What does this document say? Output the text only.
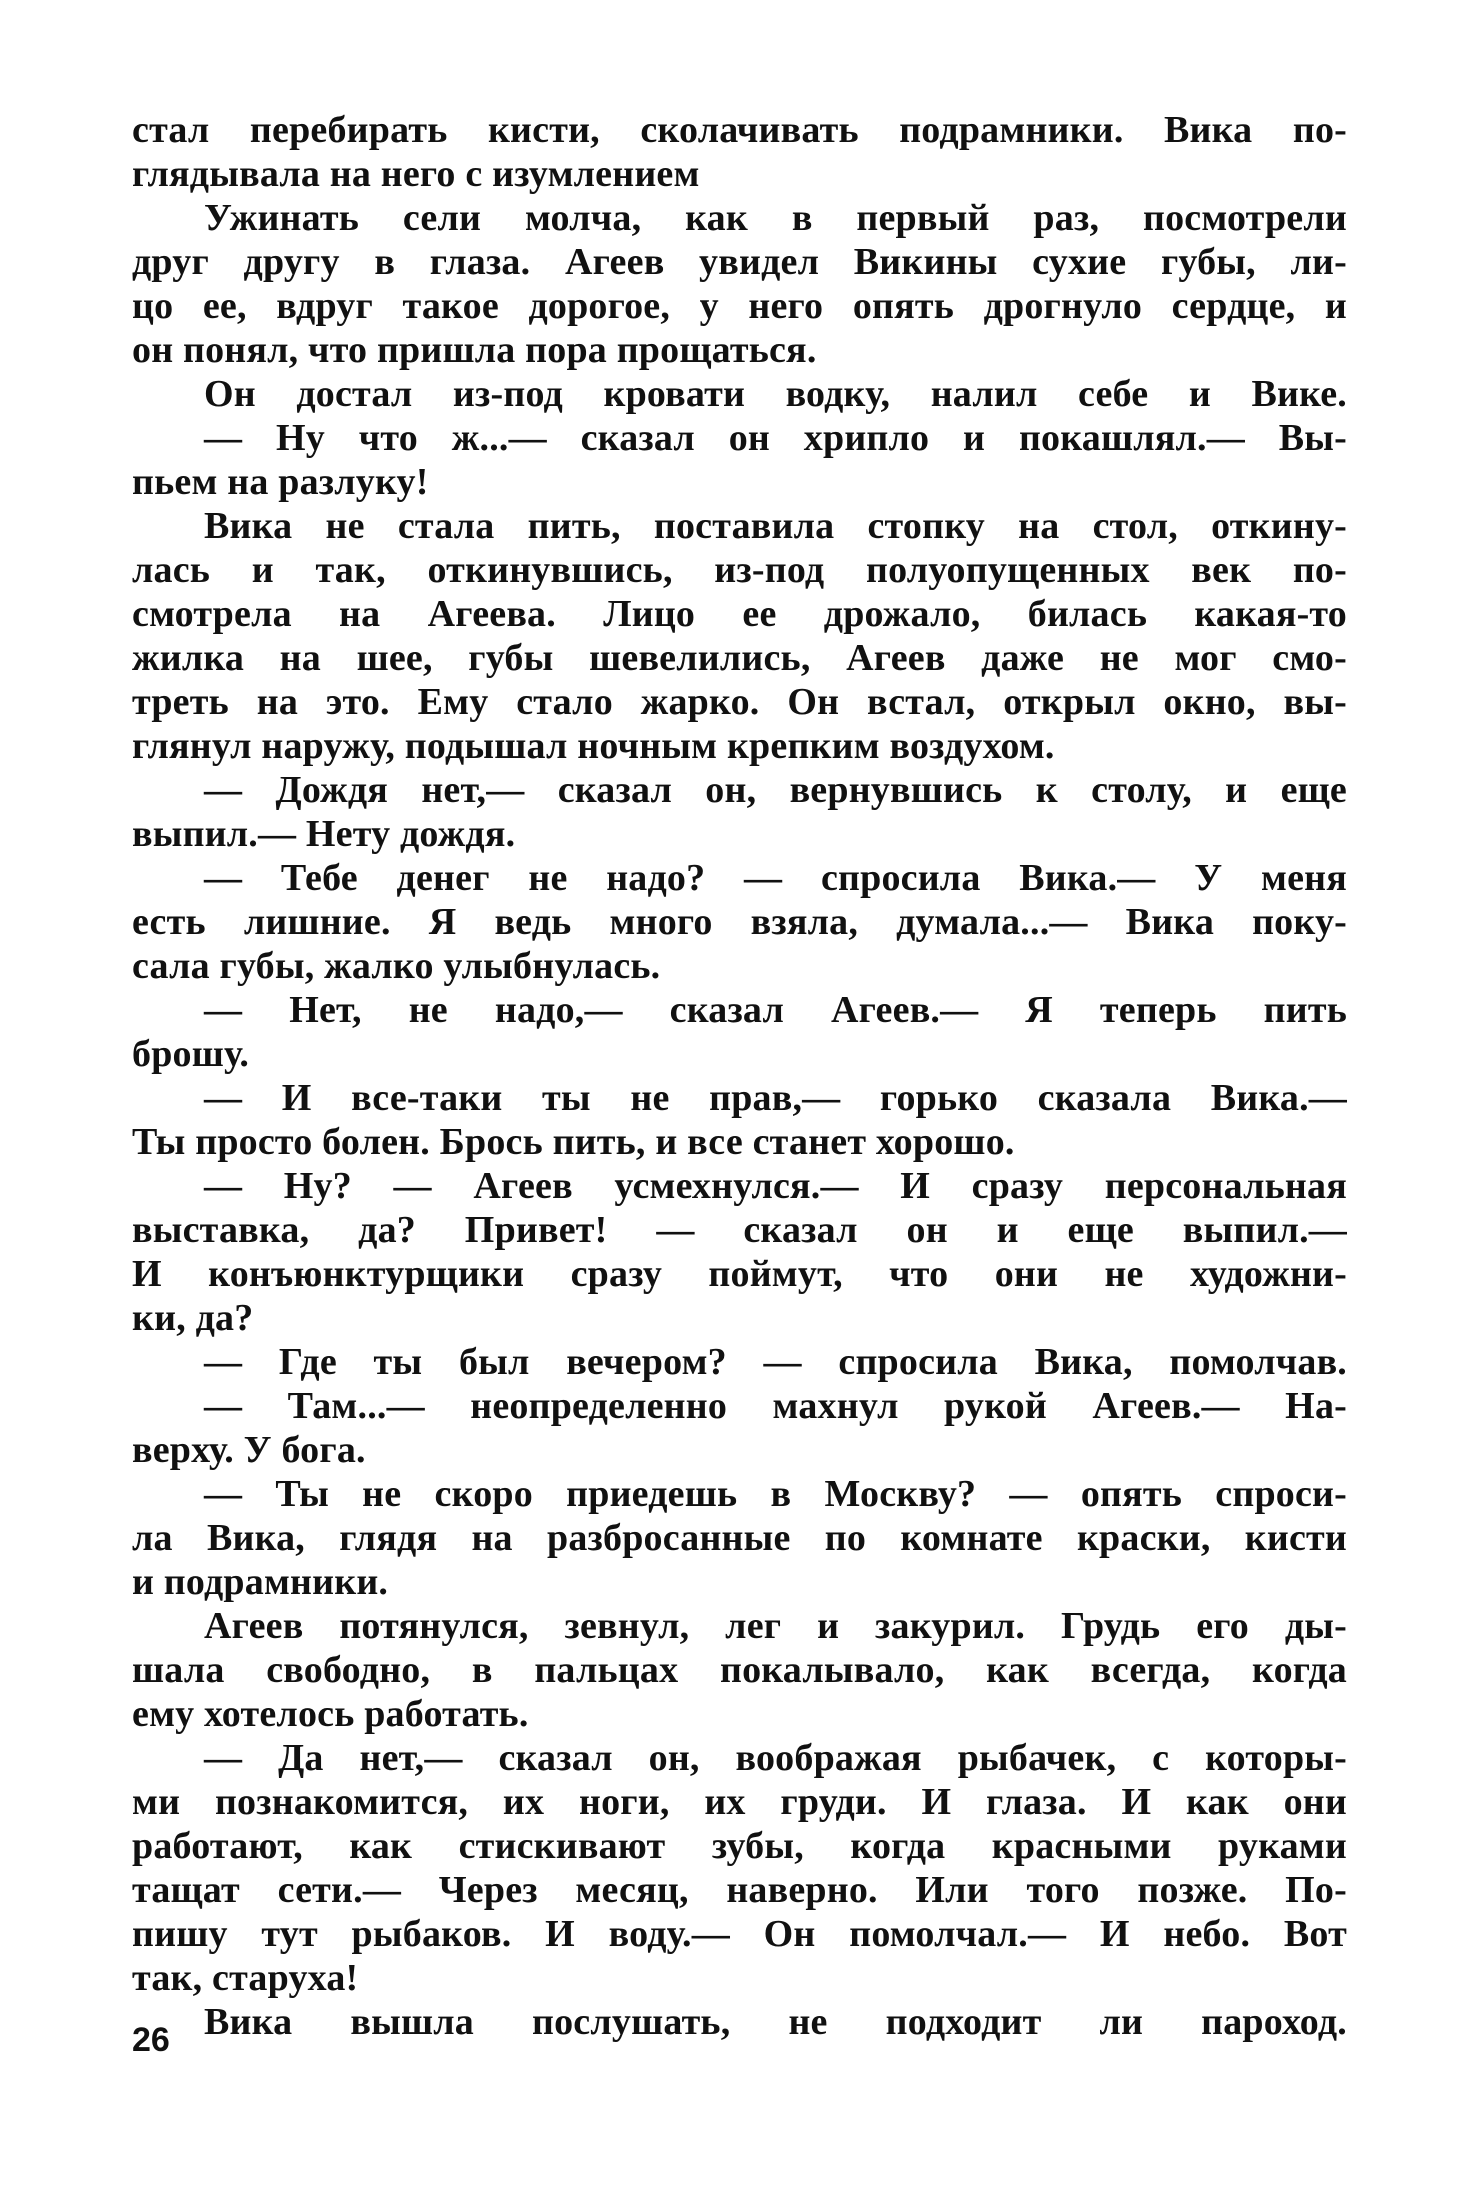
стал перебирать кисти, сколачивать подрамники. Вика по-
глядывала на него с изумлением
Ужинать сели молча, как в первый раз, посмотрели
друг другу в глаза. Агеев увидел Викины сухие губы, ли-
цо ее, вдруг такое дорогое, у него опять дрогнуло сердце, и
он понял, что пришла пора прощаться.
Он достал из-под кровати водку, налил себе и Вике.
— Ну что ж...— сказал он хрипло и покашлял.— Вы-
пьем на разлуку!
Вика не стала пить, поставила стопку на стол, откину-
лась и так, откинувшись, из-под полуопущенных век по-
смотрела на Агеева. Лицо ее дрожало, билась какая-то
жилка на шее, губы шевелились, Агеев даже не мог смо-
треть на это. Ему стало жарко. Он встал, открыл окно, вы-
глянул наружу, подышал ночным крепким воздухом.
— Дождя нет,— сказал он, вернувшись к столу, и еще
выпил.— Нету дождя.
— Тебе денег не надо? — спросила Вика.— У меня
есть лишние. Я ведь много взяла, думала...— Вика поку-
сала губы, жалко улыбнулась.
— Нет, не надо,— сказал Агеев.— Я теперь пить
брошу.
— И все-таки ты не прав,— горько сказала Вика.—
Ты просто болен. Брось пить, и все станет хорошо.
— Ну? — Агеев усмехнулся.— И сразу персональная
выставка, да? Привет! — сказал он и еще выпил.—
И конъюнктурщики сразу поймут, что они не художни-
ки, да?
— Где ты был вечером? — спросила Вика, помолчав.
— Там...— неопределенно махнул рукой Агеев.— На-
верху. У бога.
— Ты не скоро приедешь в Москву? — опять спроси-
ла Вика, глядя на разбросанные по комнате краски, кисти
и подрамники.
Агеев потянулся, зевнул, лег и закурил. Грудь его ды-
шала свободно, в пальцах покалывало, как всегда, когда
ему хотелось работать.
— Да нет,— сказал он, воображая рыбачек, с которы-
ми познакомится, их ноги, их груди. И глаза. И как они
работают, как стискивают зубы, когда красными руками
тащат сети.— Через месяц, наверно. Или того позже. По-
пишу тут рыбаков. И воду.— Он помолчал.— И небо. Вот
так, старуха!
Вика вышла послушать, не подходит ли пароход.
26
